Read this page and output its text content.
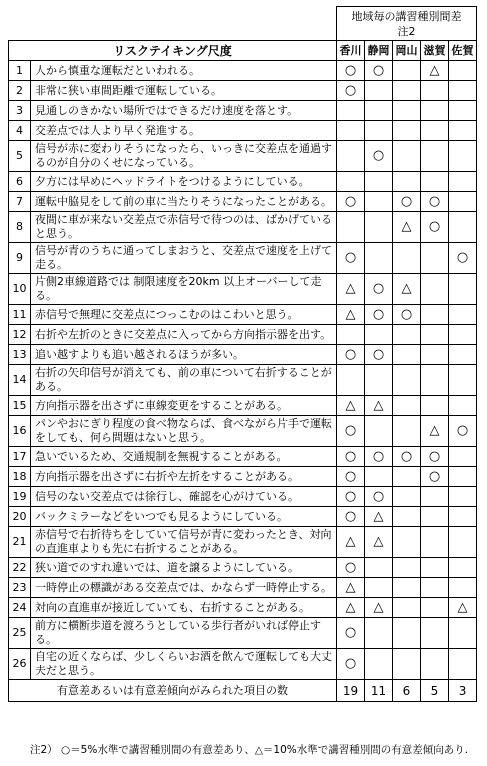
		地域毎の講習種別間差
注2				

リスクテイキング尺度		香川	静岡	岡山	滋賀	佐賀
1	人から慎重な運転だといわれる。	○	○		△	
2	非常に狭い車間距離で運転している。	○				
3	見通しのきかない場所ではできるだけ速度を落とす。					
4	交差点では人より早く発進する。					
5	信号が赤に変わりそうになったら、いっきに交差点を通過するのが自分のくせになっている。		○			
6	夕方には早めにヘッドライトをつけるようにしている。					
7	運転中脇見をして前の車に当たりそうになったことがある。	○		○	○	
8	夜間に車が来ない交差点で赤信号で待つのは、ばかげていると思う。			△	○	
9	信号が青のうちに通ってしまおうと、交差点で速度を上げて走る。	○				○
10	片側2車線道路では 制限速度を20km 以上オーバーして走る。	△	○	△		
11	赤信号で無理に交差点につっこむのはこわいと思う。	△	○	○		
12	右折や左折のときに交差点に入ってから方向指示器を出す。					
13	追い越すよりも追い越されるほうが多い。	○	○			
14	右折の矢印信号が消えても、前の車について右折することがある。					
15	方向指示器を出さずに車線変更をすることがある。	△	△			
16	パンやおにぎり程度の食べ物ならば、食べながら片手で運転をしても、何ら問題はないと思う。	○			△	○
17	急いでいるため、交通規制を無視することがある。	○	○	○	○	
18	方向指示器を出さずに右折や左折をすることがある。	○			○	
19	信号のない交差点では徐行し、確認を心がけている。	○	○			
20	バックミラーなどをいつでも見るようにしている。	○	△			
21	赤信号で右折待ちをしていて信号が青に変わったとき、対向の直進車よりも先に右折することがある。	△	△			
22	狭い道でのすれ違いでは、道を譲るようにしている。	○				
23	一時停止の標識がある交差点では、かならず一時停止する。	△				
24	対向の直進車が接近していても、右折することがある。	△	△			△
25	前方に横断歩道を渡ろうとしている歩行者がいれば停止する。	○				
26	自宅の近くならば、少しくらいお酒を飲んで運転しても大丈夫だと思う。	○				
有意差あるいは有意差傾向がみられた項目の数		19	11	6	5	3
注2） ○＝5%水準で講習種別間の有意差あり、△＝10%水準で講習種別間の有意差傾向あり.
